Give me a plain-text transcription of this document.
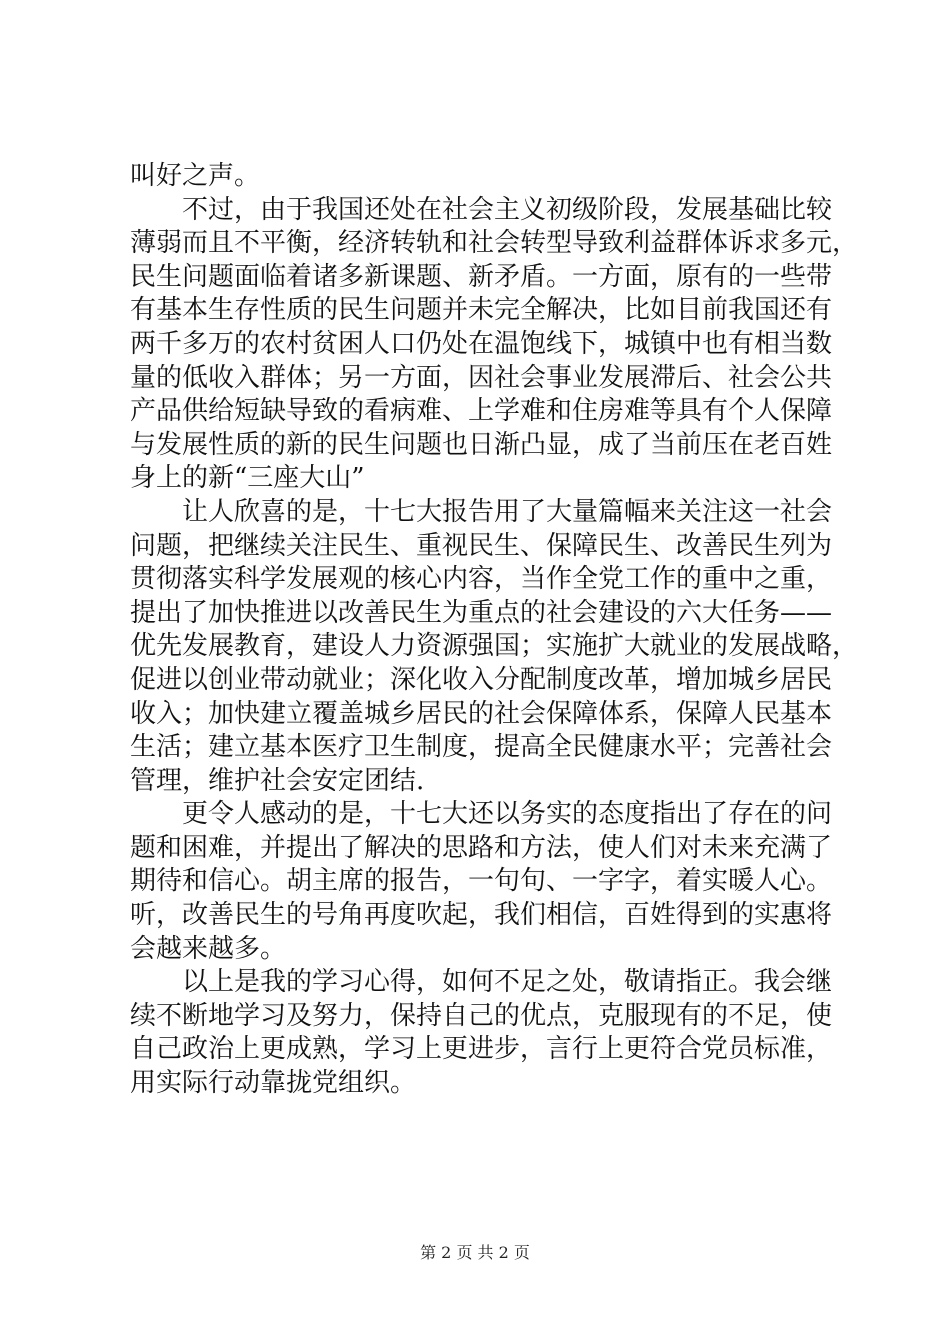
叫好之声。
不过，由于我国还处在社会主义初级阶段，发展基础比较
薄弱而且不平衡，经济转轨和社会转型导致利益群体诉求多元，
民生问题面临着诸多新课题、新矛盾。一方面，原有的一些带
有基本生存性质的民生问题并未完全解决，比如目前我国还有
两千多万的农村贫困人口仍处在温饱线下，城镇中也有相当数
量的低收入群体；另一方面，因社会事业发展滞后、社会公共
产品供给短缺导致的看病难、上学难和住房难等具有个人保障
与发展性质的新的民生问题也日渐凸显，成了当前压在老百姓
身上的新“三座大山”
让人欣喜的是，十七大报告用了大量篇幅来关注这一社会
问题，把继续关注民生、重视民生、保障民生、改善民生列为
贯彻落实科学发展观的核心内容，当作全党工作的重中之重，
提出了加快推进以改善民生为重点的社会建设的六大任务——
优先发展教育，建设人力资源强国；实施扩大就业的发展战略，
促进以创业带动就业；深化收入分配制度改革，增加城乡居民
收入；加快建立覆盖城乡居民的社会保障体系，保障人民基本
生活；建立基本医疗卫生制度，提高全民健康水平；完善社会
管理，维护社会安定团结.
更令人感动的是，十七大还以务实的态度指出了存在的问
题和困难，并提出了解决的思路和方法，使人们对未来充满了
期待和信心。胡主席的报告，一句句、一字字，着实暖人心。
听，改善民生的号角再度吹起，我们相信，百姓得到的实惠将
会越来越多。
以上是我的学习心得，如何不足之处，敬请指正。我会继
续不断地学习及努力，保持自己的优点，克服现有的不足，使
自己政治上更成熟，学习上更进步，言行上更符合党员标准，
用实际行动靠拢党组织。
第 2 页 共 2 页
